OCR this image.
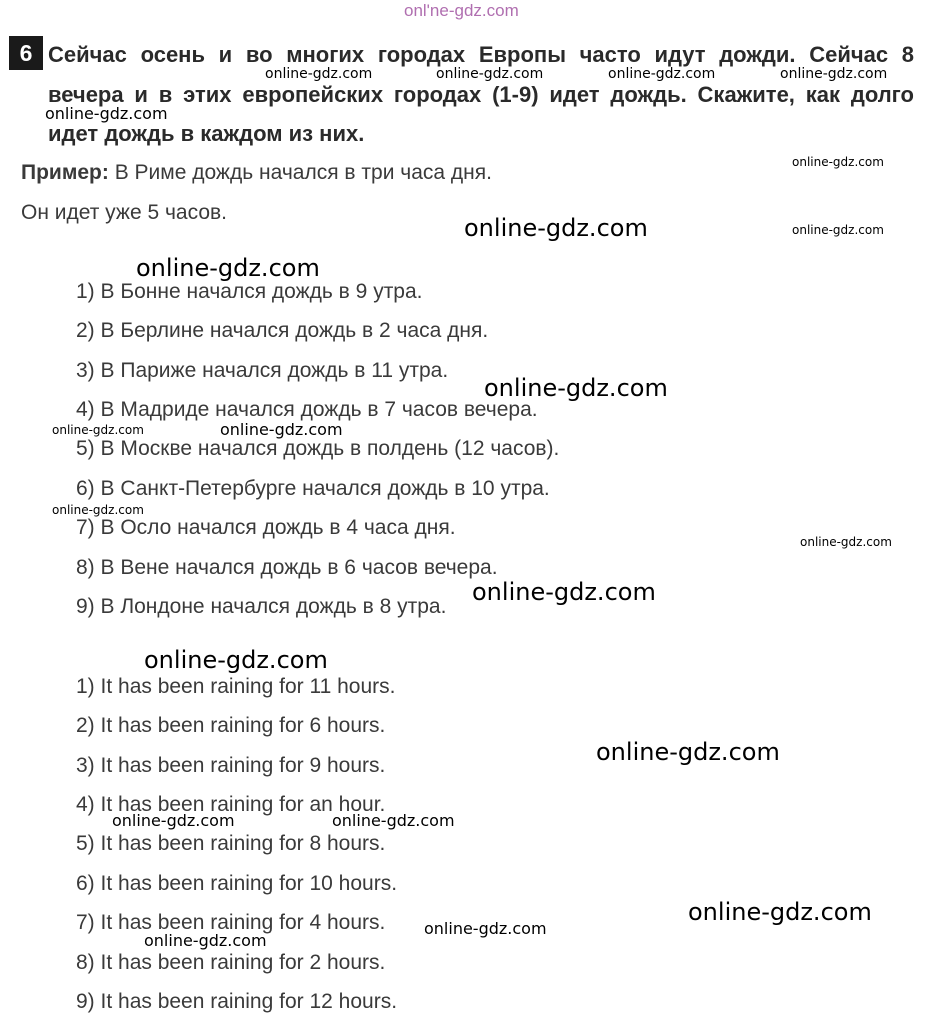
onl'ne-gdz.com
6 Сейчас осень и во многих городах Европы часто идут дожди. Сейчас 8
вечера и в этих европейских городах (1-9) идет дождь. Скажите, как долго
идет дождь в каждом из них.
Пример: В Риме дождь начался в три часа дня.
Он идет уже 5 часов.
1) В Бонне начался дождь в 9 утра.
2) В Берлине начался дождь в 2 часа дня.
3) В Париже начался дождь в 11 утра.
4) В Мадриде начался дождь в 7 часов вечера.
5) В Москве начался дождь в полдень (12 часов).
6) В Санкт-Петербурге начался дождь в 10 утра.
7) В Осло начался дождь в 4 часа дня.
8) В Вене начался дождь в 6 часов вечера.
9) В Лондоне начался дождь в 8 утра.
1) It has been raining for 11 hours.
2) It has been raining for 6 hours.
3) It has been raining for 9 hours.
4) It has been raining for an hour.
5) It has been raining for 8 hours.
6) It has been raining for 10 hours.
7) It has been raining for 4 hours.
8) It has been raining for 2 hours.
9) It has been raining for 12 hours.
online-gdz.com	online-gdz.com	online-gdz.com	online-gdz.com
online-gdz.com
online-gdz.com
online-gdz.com	online-gdz.com
online-gdz.com
online-gdz.com
online-gdz.com	online-gdz.com
online-gdz.com
online-gdz.com
online-gdz.com
online-gdz.com
online-gdz.com
online-gdz.com	online-gdz.com
online-gdz.com
online-gdz.com
online-gdz.com
